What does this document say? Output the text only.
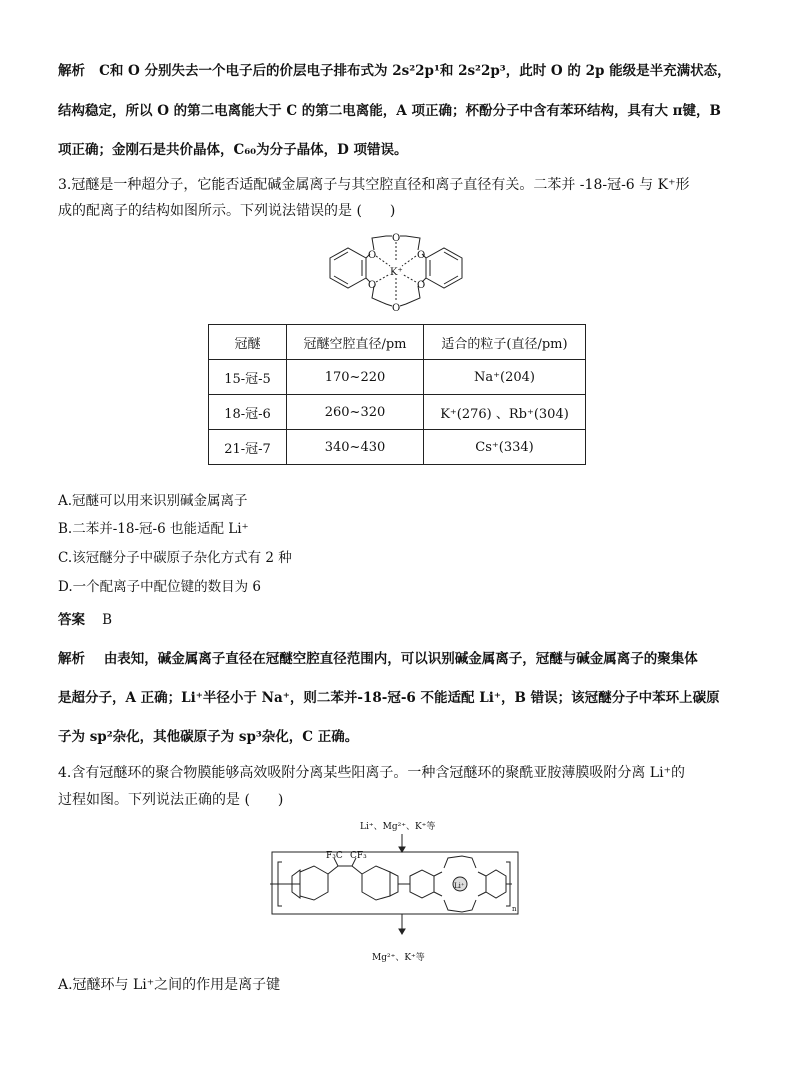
解析 C和 O 分别失去一个电子后的价层电子排布式为 2s²2p¹和 2s²2p³，此时 O 的 2p 能级是半充满状态，
结构稳定，所以 O 的第二电离能大于 C 的第二电离能，A 项正确；杯酚分子中含有苯环结构，具有大 π键，B
项正确；金刚石是共价晶体，C₆₀为分子晶体，D 项错误。
3.冠醚是一种超分子，它能否适配碱金属离子与其空腔直径和离子直径有关。二苯并 -18-冠-6 与 K⁺形
成的配离子的结构如图所示。下列说法错误的是 (　　)
O
O
O
O
O
O
K⁺
冠醚	冠醚空腔直径/pm	适合的粒子(直径/pm)
15-冠-5	170~220	Na⁺(204)
18-冠-6	260~320	K⁺(276) 、Rb⁺(304)
21-冠-7	340~430	Cs⁺(334)
A.冠醚可以用来识别碱金属离子
B.二苯并-18-冠-6 也能适配 Li⁺
C.该冠醚分子中碳原子杂化方式有 2 种
D.一个配离子中配位键的数目为 6
答案 B
解析 由表知，碱金属离子直径在冠醚空腔直径范围内，可以识别碱金属离子，冠醚与碱金属离子的聚集体
是超分子，A 正确；Li⁺半径小于 Na⁺，则二苯并-18-冠-6 不能适配 Li⁺，B 错误；该冠醚分子中苯环上碳原
子为 sp²杂化，其他碳原子为 sp³杂化，C 正确。
4.含有冠醚环的聚合物膜能够高效吸附分离某些阳离子。一种含冠醚环的聚酰亚胺薄膜吸附分离 Li⁺的
过程如图。下列说法正确的是 (　　)
Li⁺、Mg²⁺、K⁺等
Mg²⁺、K⁺等
F₃C CF₃
Li⁺
n
A.冠醚环与 Li⁺之间的作用是离子键
